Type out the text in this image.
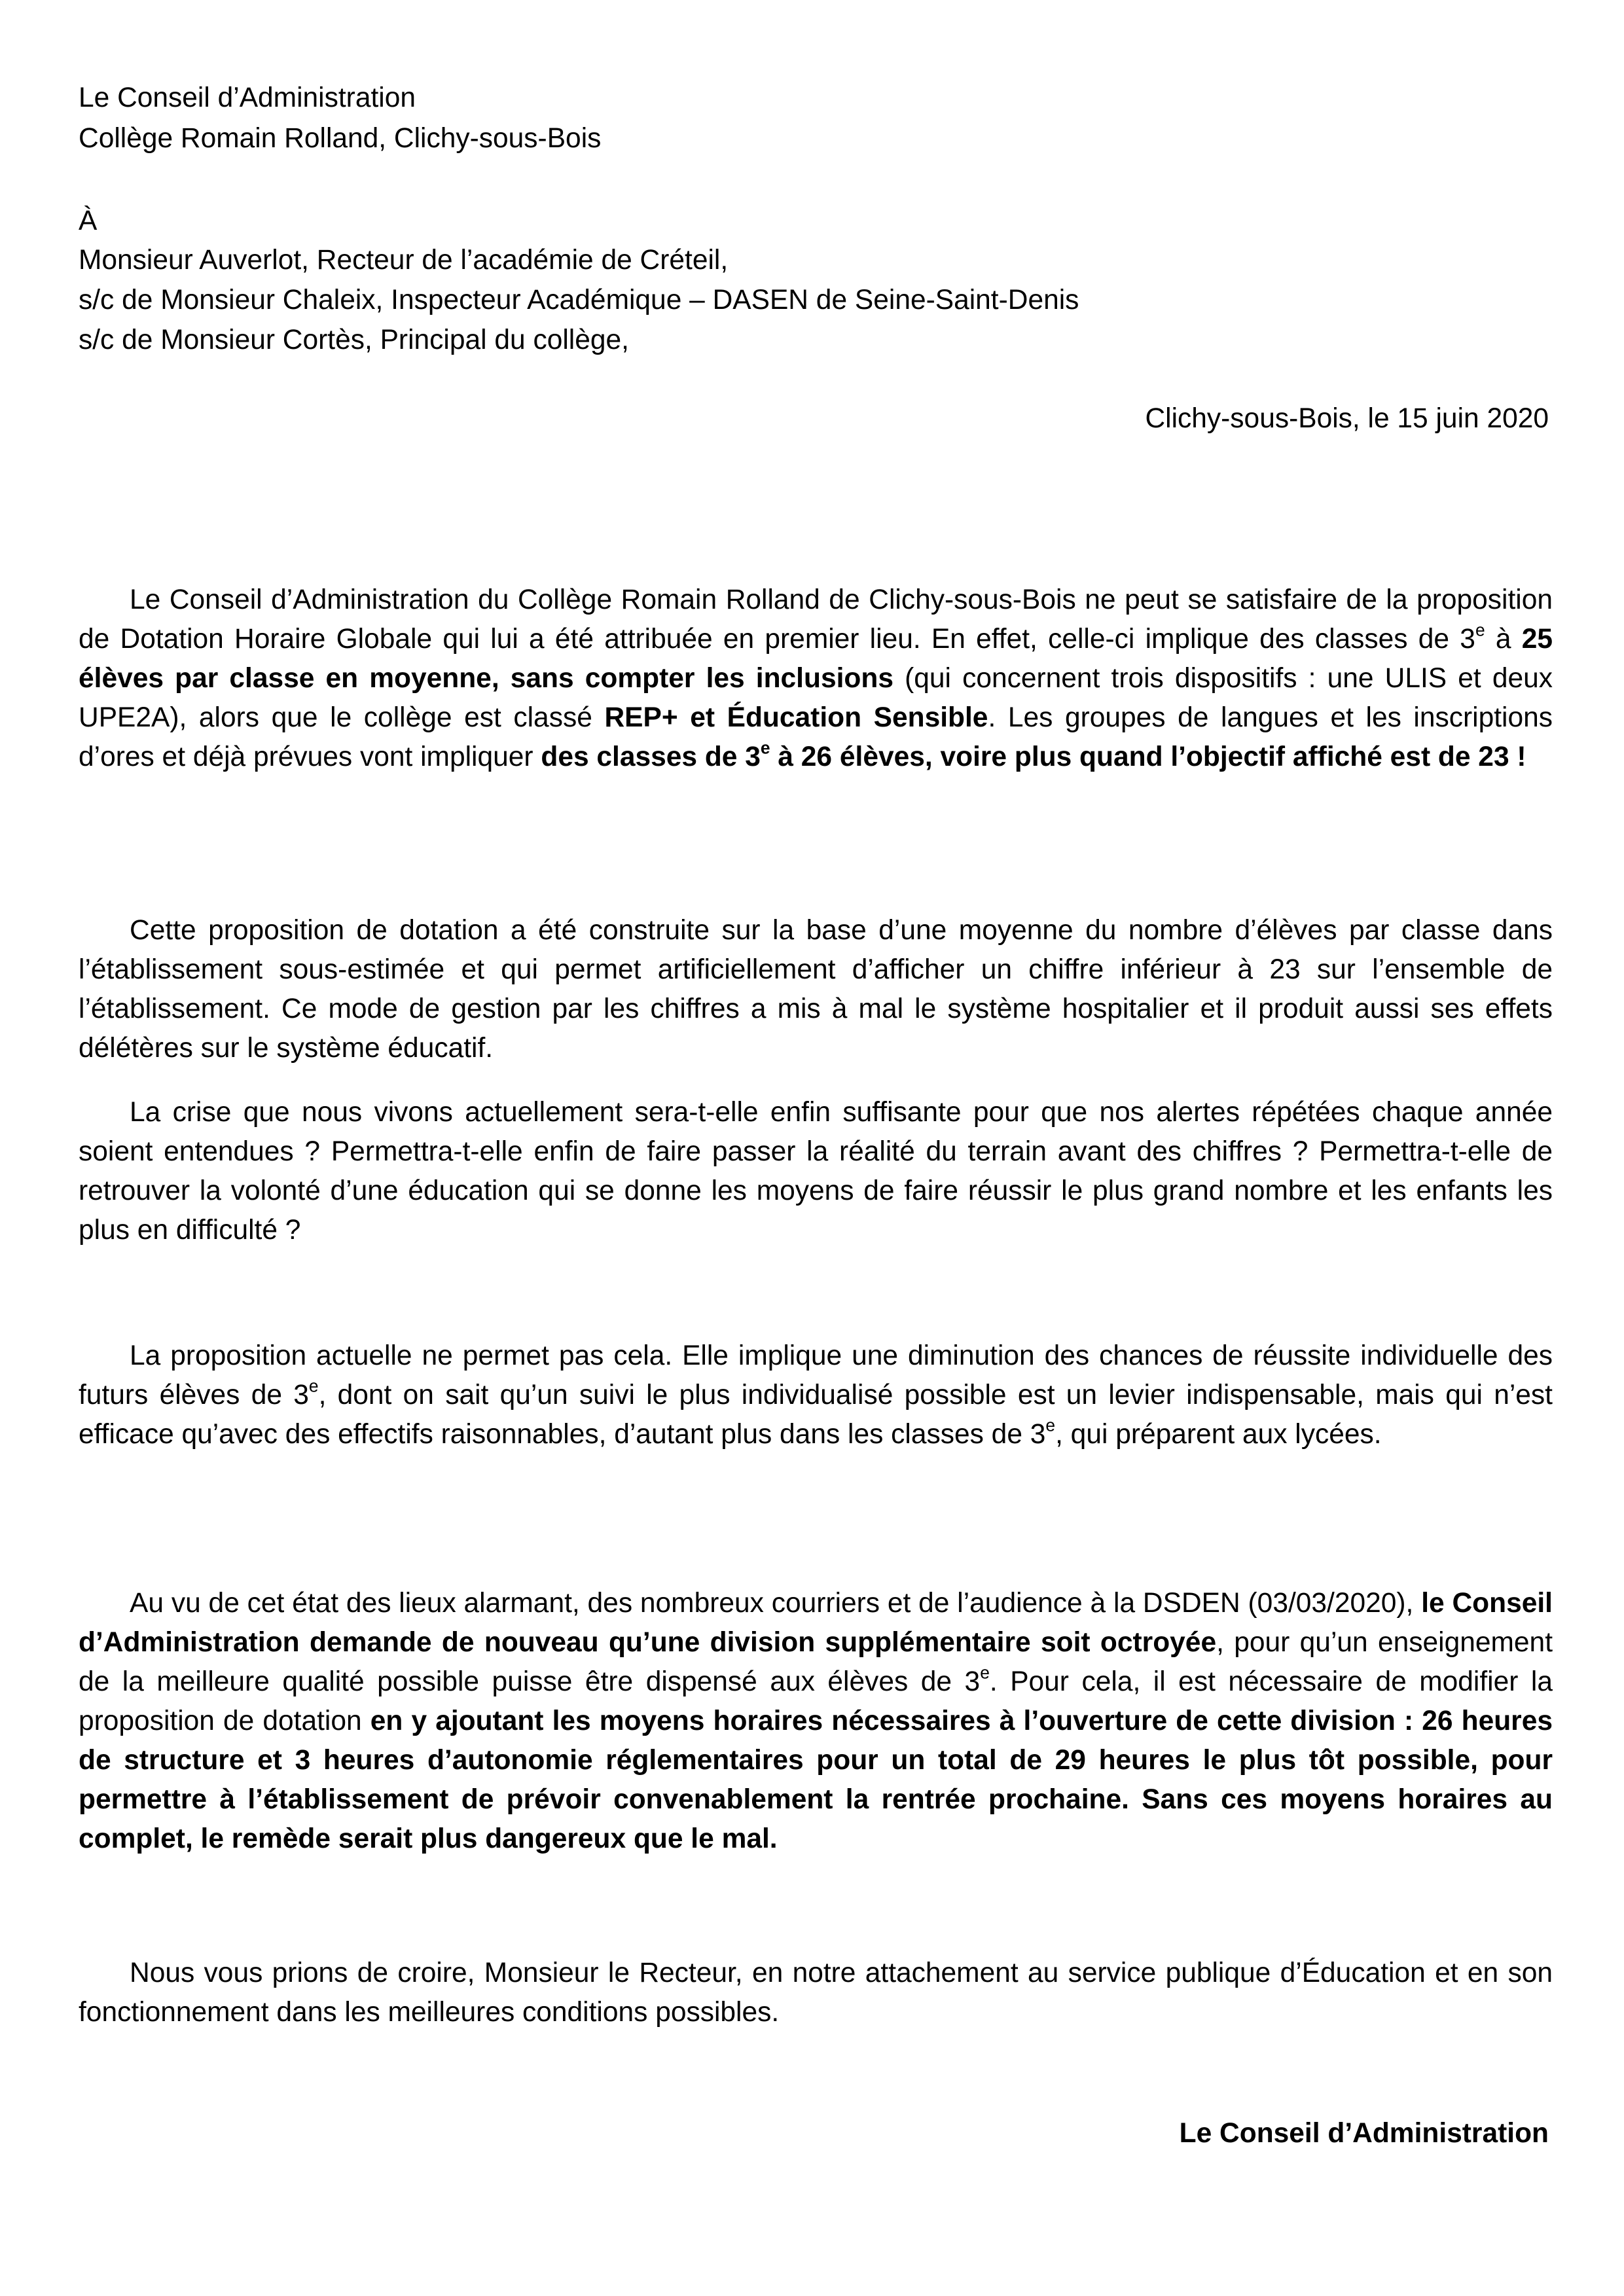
Le Conseil d’Administration
Collège Romain Rolland, Clichy-sous-Bois
À
Monsieur Auverlot, Recteur de l’académie de Créteil,
s/c de Monsieur Chaleix, Inspecteur Académique – DASEN de Seine-Saint-Denis
s/c de Monsieur Cortès, Principal du collège,
Clichy-sous-Bois, le 15 juin 2020

Le Conseil d’Administration du Collège Romain Rolland de Clichy-sous-Bois ne peut se satisfaire de la proposition de Dotation Horaire Globale qui lui a été attribuée en premier lieu. En effet, celle-ci implique des classes de 3e à 25 élèves par classe en moyenne, sans compter les inclusions (qui concernent trois dispositifs : une ULIS et deux UPE2A), alors que le collège est classé REP+ et Éducation Sensible. Les groupes de langues et les inscriptions d’ores et déjà prévues vont impliquer des classes de 3e à 26 élèves, voire plus quand l’objectif affiché est de 23 !

Cette proposition de dotation a été construite sur la base d’une moyenne du nombre d’élèves par classe dans l’établissement sous-estimée et qui permet artificiellement d’afficher un chiffre inférieur à 23 sur l’ensemble de l’établissement. Ce mode de gestion par les chiffres a mis à mal le système hospitalier et il produit aussi ses effets délétères sur le système éducatif.

La crise que nous vivons actuellement sera-t-elle enfin suffisante pour que nos alertes répétées chaque année soient entendues ? Permettra-t-elle enfin de faire passer la réalité du terrain avant des chiffres ? Permettra-t-elle de retrouver la volonté d’une éducation qui se donne les moyens de faire réussir le plus grand nombre et les enfants les plus en difficulté ?

La proposition actuelle ne permet pas cela. Elle implique une diminution des chances de réussite individuelle des futurs élèves de 3e, dont on sait qu’un suivi le plus individualisé possible est un levier indispensable, mais qui n’est efficace qu’avec des effectifs raisonnables, d’autant plus dans les classes de 3e, qui préparent aux lycées.

Au vu de cet état des lieux alarmant, des nombreux courriers et de l’audience à la DSDEN (03/03/2020), le Conseil d’Administration demande de nouveau qu’une division supplémentaire soit octroyée, pour qu’un enseignement de la meilleure qualité possible puisse être dispensé aux élèves de 3e. Pour cela, il est nécessaire de modifier la proposition de dotation en y ajoutant les moyens horaires nécessaires à l’ouverture de cette division : 26 heures de structure et 3 heures d’autonomie réglementaires pour un total de 29 heures le plus tôt possible, pour permettre à l’établissement de prévoir convenablement la rentrée prochaine. Sans ces moyens horaires au complet, le remède serait plus dangereux que le mal.

Nous vous prions de croire, Monsieur le Recteur, en notre attachement au service publique d’Éducation et en son fonctionnement dans les meilleures conditions possibles.

Le Conseil d’Administration
